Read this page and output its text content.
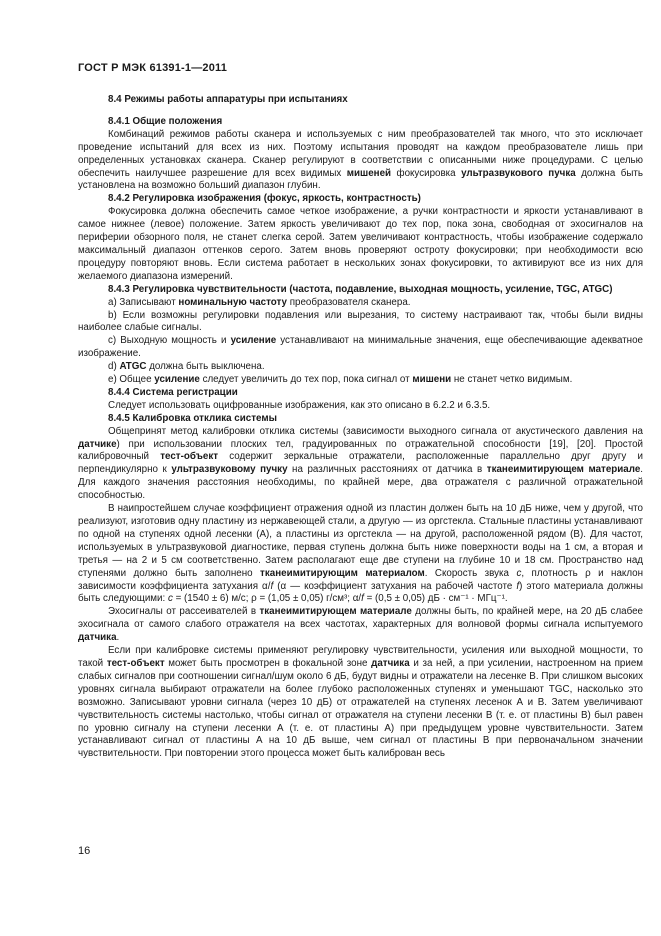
ГОСТ Р МЭК 61391-1—2011
8.4 Режимы работы аппаратуры при испытаниях
8.4.1 Общие положения
Комбинаций режимов работы сканера и используемых с ним преобразователей так много, что это исключает проведение испытаний для всех из них. Поэтому испытания проводят на каждом преобразователе лишь при определенных установках сканера. Сканер регулируют в соответствии с описанными ниже процедурами. С целью обеспечить наилучшее разрешение для всех видимых мишеней фокусировка ультразвукового пучка должна быть установлена на возможно больший диапазон глубин.
8.4.2 Регулировка изображения (фокус, яркость, контрастность)
Фокусировка должна обеспечить самое четкое изображение, а ручки контрастности и яркости устанавливают в самое нижнее (левое) положение. Затем яркость увеличивают до тех пор, пока зона, свободная от эхосигналов на периферии обзорного поля, не станет слегка серой. Затем увеличивают контрастность, чтобы изображение содержало максимальный диапазон оттенков серого. Затем вновь проверяют остроту фокусировки; при необходимости всю процедуру повторяют вновь. Если система работает в нескольких зонах фокусировки, то активируют все из них для желаемого диапазона измерений.
8.4.3 Регулировка чувствительности (частота, подавление, выходная мощность, усиление, TGC, ATGC)
a) Записывают номинальную частоту преобразователя сканера.
b) Если возможны регулировки подавления или вырезания, то систему настраивают так, чтобы были видны наиболее слабые сигналы.
c) Выходную мощность и усиление устанавливают на минимальные значения, еще обеспечивающие адекватное изображение.
d) ATGC должна быть выключена.
e) Общее усиление следует увеличить до тех пор, пока сигнал от мишени не станет четко видимым.
8.4.4 Система регистрации
Следует использовать оцифрованные изображения, как это описано в 6.2.2 и 6.3.5.
8.4.5 Калибровка отклика системы
Общепринят метод калибровки отклика системы (зависимости выходного сигнала от акустического давления на датчике) при использовании плоских тел, градуированных по отражательной способности [19], [20]. Простой калибровочный тест-объект содержит зеркальные отражатели, расположенные параллельно друг другу и перпендикулярно к ультразвуковому пучку на различных расстояниях от датчика в тканеимитирующем материале. Для каждого значения расстояния необходимы, по крайней мере, два отражателя с различной отражательной способностью.
В наипростейшем случае коэффициент отражения одной из пластин должен быть на 10 дБ ниже, чем у другой, что реализуют, изготовив одну пластину из нержавеющей стали, а другую — из оргстекла. Стальные пластины устанавливают по одной на ступенях одной лесенки (А), а пластины из оргстекла — на другой, расположенной рядом (В). Для частот, используемых в ультразвуковой диагностике, первая ступень должна быть ниже поверхности воды на 1 см, а вторая и третья — на 2 и 5 см соответственно. Затем располагают еще две ступени на глубине 10 и 18 см. Пространство над ступенями должно быть заполнено тканеимитирующим материалом. Скорость звука с, плотность ρ и наклон зависимости коэффициента затухания α/f (α — коэффициент затухания на рабочей частоте f) этого материала должны быть следующими: с = (1540 ± 6) м/с; ρ = (1,05 ± 0,05) г/см³; α/f = (0,5 ± 0,05) дБ · см⁻¹ · МГц⁻¹.
Эхосигналы от рассеивателей в тканеимитирующем материале должны быть, по крайней мере, на 20 дБ слабее эхосигнала от самого слабого отражателя на всех частотах, характерных для волновой формы сигнала испытуемого датчика.
Если при калибровке системы применяют регулировку чувствительности, усиления или выходной мощности, то такой тест-объект может быть просмотрен в фокальной зоне датчика и за ней, а при усилении, настроенном на прием слабых сигналов при соотношении сигнал/шум около 6 дБ, будут видны и отражатели на лесенке В. При слишком высоких уровнях сигнала выбирают отражатели на более глубоко расположенных ступенях и уменьшают TGC, насколько это возможно. Записывают уровни сигнала (через 10 дБ) от отражателей на ступенях лесенок А и В. Затем увеличивают чувствительность системы настолько, чтобы сигнал от отражателя на ступени лесенки В (т. е. от пластины В) был равен по уровню сигналу на ступени лесенки А (т. е. от пластины А) при предыдущем уровне чувствительности. Затем устанавливают сигнал от пластины А на 10 дБ выше, чем сигнал от пластины В при первоначальном значении чувствительности. При повторении этого процесса может быть калиброван весь
16
